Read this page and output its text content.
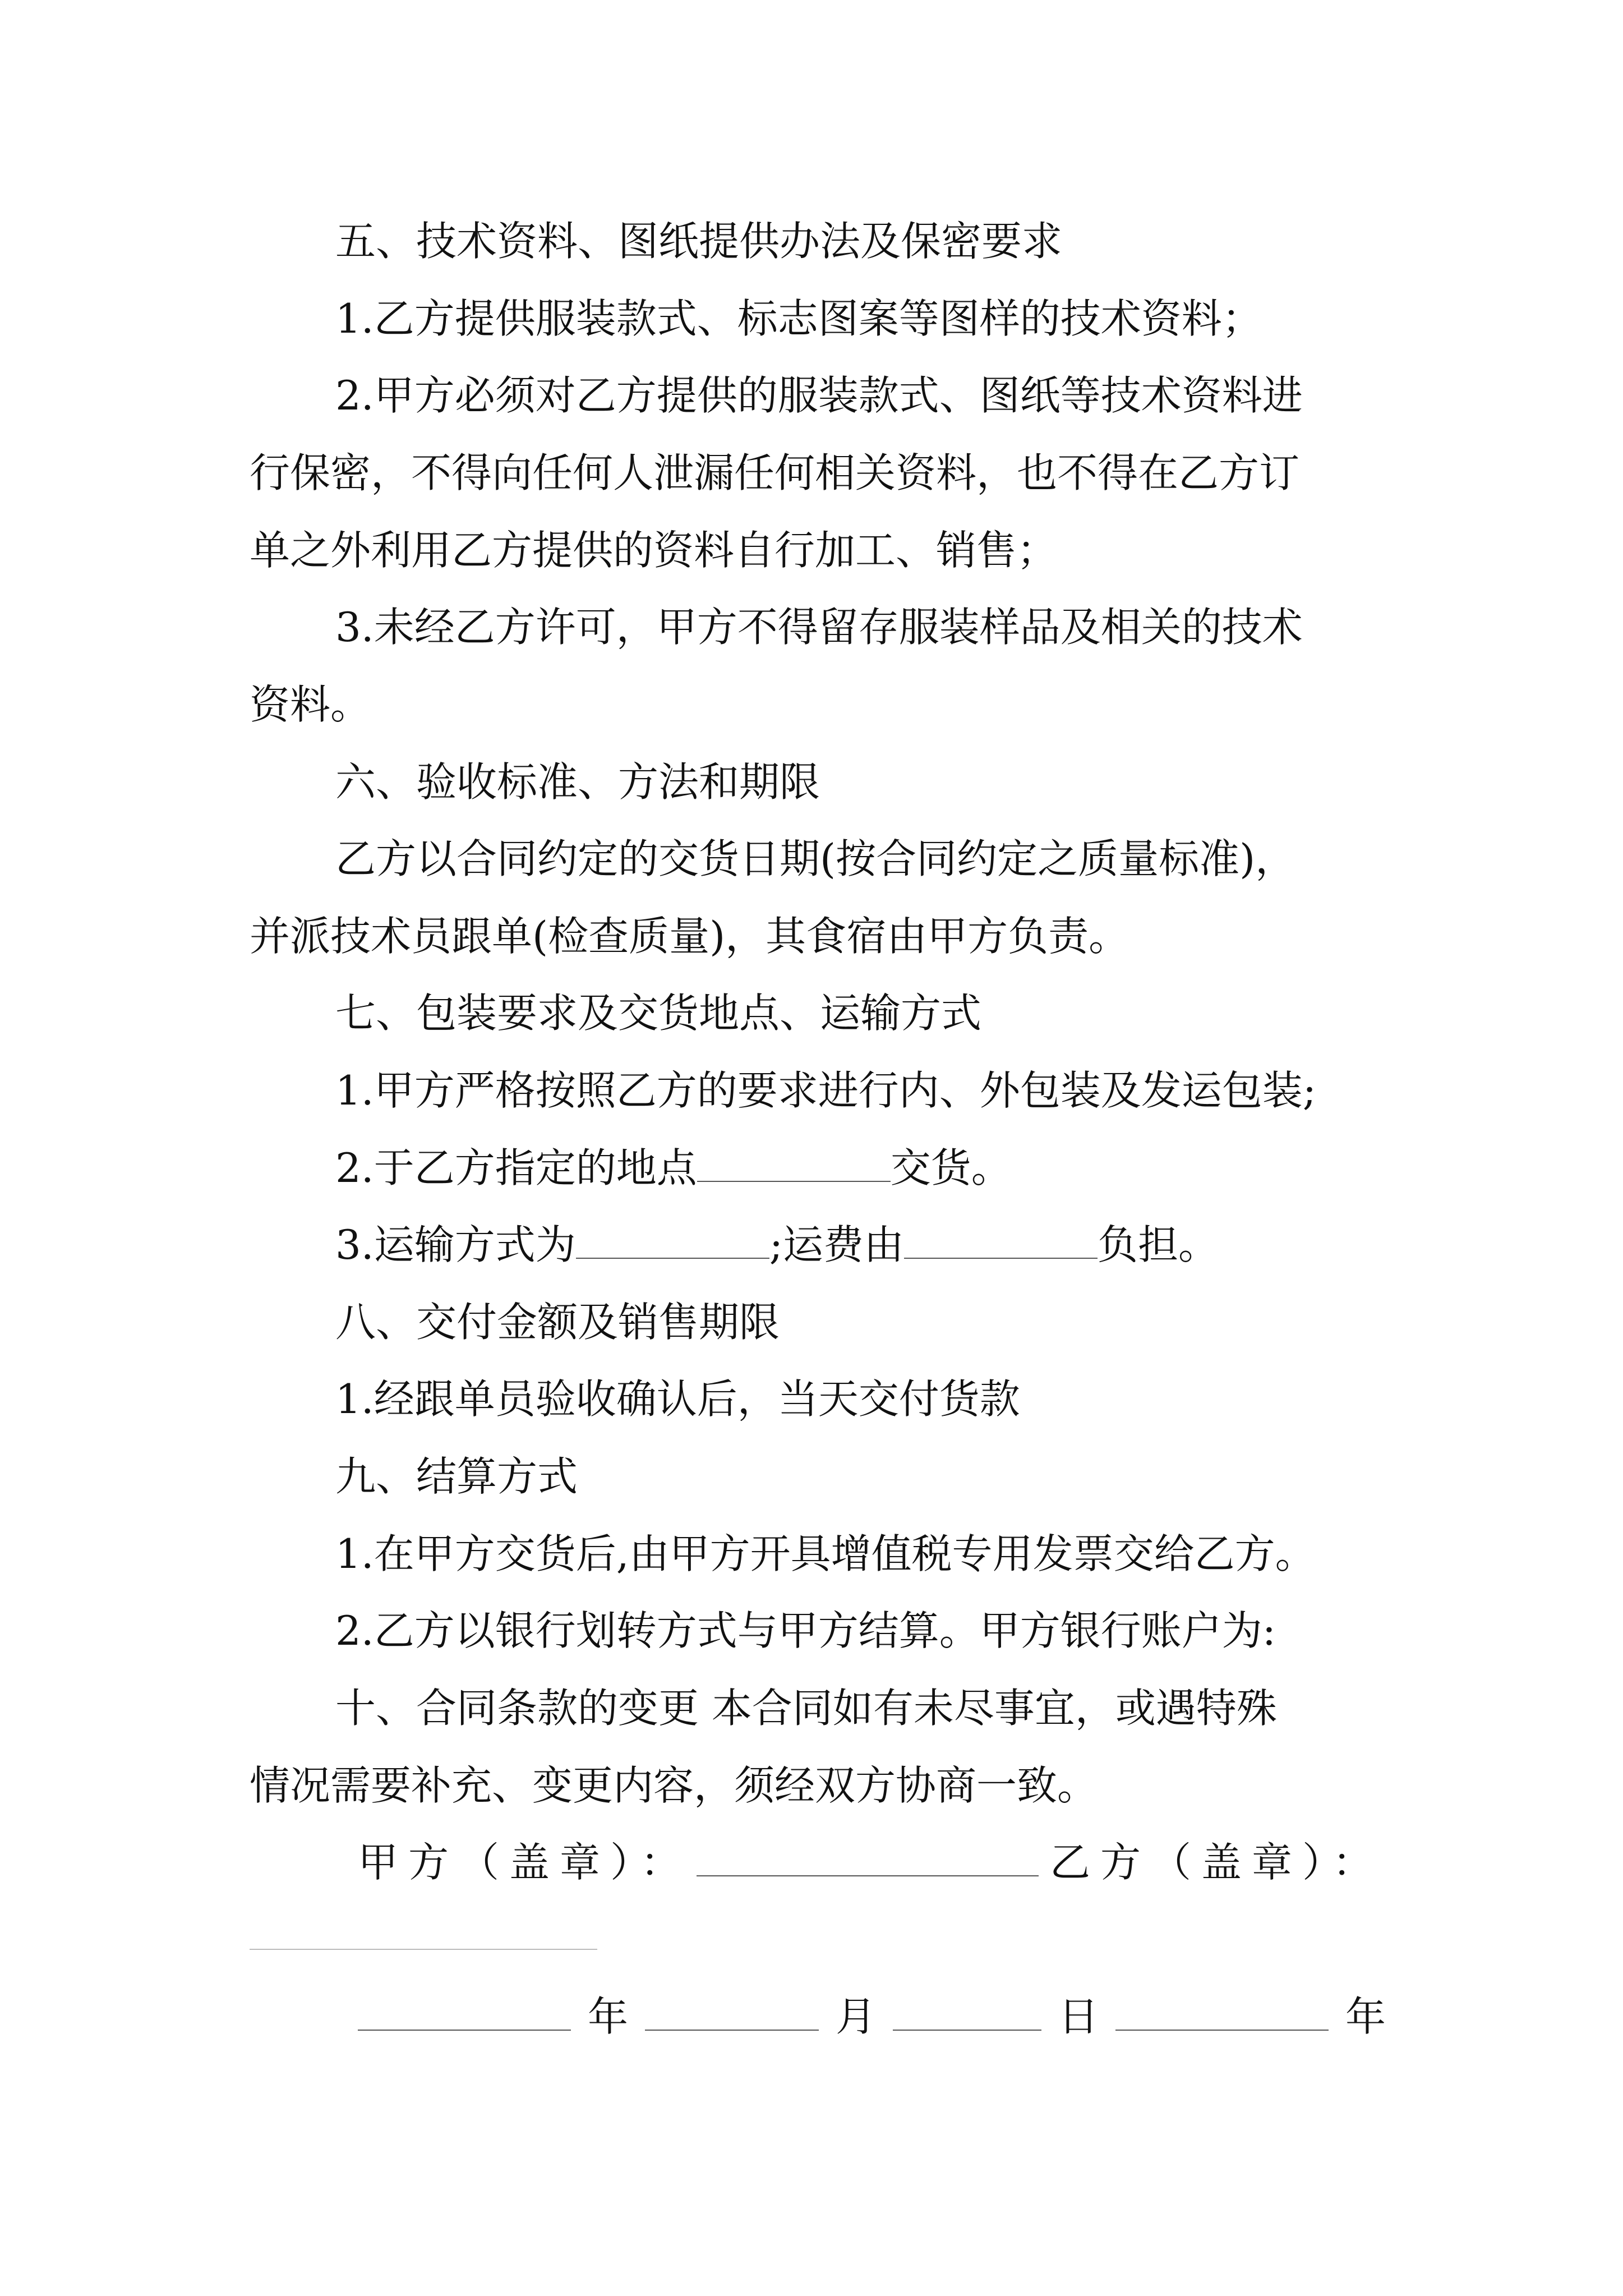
五、技术资料、图纸提供办法及保密要求
1.乙方提供服装款式、标志图案等图样的技术资料；
2.甲方必须对乙方提供的服装款式、图纸等技术资料进
行保密，不得向任何人泄漏任何相关资料，也不得在乙方订
单之外利用乙方提供的资料自行加工、销售；
3.未经乙方许可，甲方不得留存服装样品及相关的技术
资料。
六、验收标准、方法和期限
乙方以合同约定的交货日期(按合同约定之质量标准)，
并派技术员跟单(检查质量)，其食宿由甲方负责。
七、包装要求及交货地点、运输方式
1.甲方严格按照乙方的要求进行内、外包装及发运包装;
2.于乙方指定的地点	交货。
3.运输方式为	;运费由	负担。
八、交付金额及销售期限
1.经跟单员验收确认后，当天交付货款
九、结算方式
1.在甲方交货后,由甲方开具增值税专用发票交给乙方。
2.乙方以银行划转方式与甲方结算。甲方银行账户为:
十、合同条款的变更 本合同如有未尽事宜，或遇特殊
情况需要补充、变更内容，须经双方协商一致。
甲方（盖章）：	乙方（盖章）：
年	月	日	年
